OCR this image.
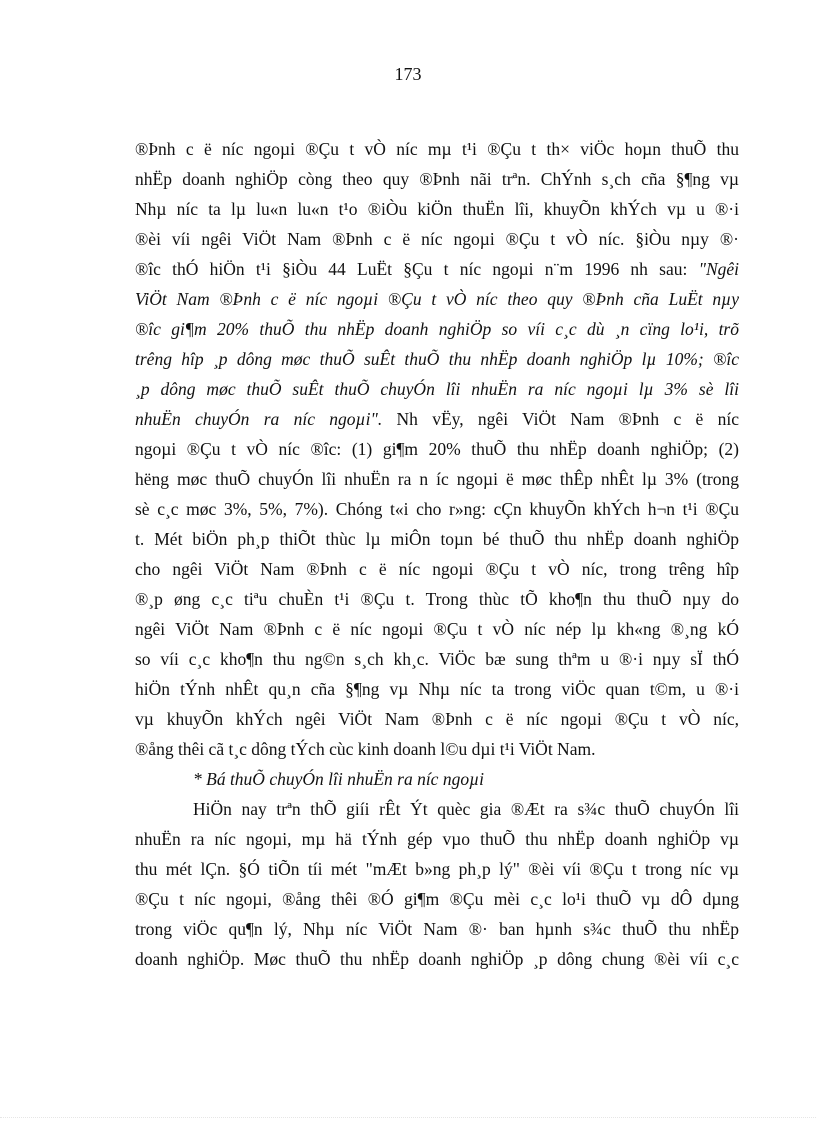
173
®Þnh c ë níc ngoµi ®Çu t vÒ níc mµ t¹i ®Çu t th× viÖc hoµn thuÕ thu
nhËp doanh nghiÖp còng theo quy ®Þnh nãi trªn. ChÝnh s¸ch cña §¶ng vµ
Nhµ níc ta lµ lu«n lu«n t¹o ®iÒu kiÖn thuËn lîi, khuyÕn khÝch vµ u ®·i
®èi víi ngêi ViÖt Nam ®Þnh c ë níc ngoµi ®Çu t vÒ níc. §iÒu nµy ®·
®îc thÓ hiÖn t¹i §iÒu 44 LuËt §Çu t níc ngoµi n¨m 1996 nh sau: "Ngêi
ViÖt Nam ®Þnh c ë níc ngoµi ®Çu t vÒ níc theo quy ®Þnh cña LuËt nµy
®îc gi¶m 20% thuÕ thu nhËp doanh nghiÖp so víi c¸c dù ¸n cïng lo¹i, trõ
trêng hîp ¸p dông møc thuÕ suÊt thuÕ thu nhËp doanh nghiÖp lµ 10%; ®îc
¸p dông møc thuÕ suÊt thuÕ chuyÓn lîi nhuËn ra níc ngoµi lµ 3% sè lîi
nhuËn chuyÓn ra níc ngoµi". Nh vËy, ngêi ViÖt Nam ®Þnh c ë níc
ngoµi ®Çu t vÒ níc ®îc: (1) gi¶m 20% thuÕ thu nhËp doanh nghiÖp; (2)
hëng møc thuÕ chuyÓn lîi nhuËn ra n íc ngoµi ë møc thÊp nhÊt lµ 3% (trong
sè c¸c møc 3%, 5%, 7%). Chóng t«i cho r»ng: cÇn khuyÕn khÝch h¬n t¹i ®Çu
t. Mét biÖn ph¸p thiÕt thùc lµ miÔn toµn bé thuÕ thu nhËp doanh nghiÖp
cho ngêi ViÖt Nam ®Þnh c ë níc ngoµi ®Çu t vÒ níc, trong trêng hîp
®¸p øng c¸c tiªu chuÈn t¹i ®Çu t. Trong thùc tÕ kho¶n thu thuÕ nµy do
ngêi ViÖt Nam ®Þnh c ë níc ngoµi ®Çu t vÒ níc nép lµ kh«ng ®¸ng kÓ
so víi c¸c kho¶n thu ng©n s¸ch kh¸c. ViÖc bæ sung thªm u ®·i nµy sÏ thÓ
hiÖn tÝnh nhÊt qu¸n cña §¶ng vµ Nhµ níc ta trong viÖc quan t©m, u ®·i
vµ khuyÕn khÝch ngêi ViÖt Nam ®Þnh c ë níc ngoµi ®Çu t vÒ níc,
®ång thêi cã t¸c dông tÝch cùc kinh doanh l©u dµi t¹i ViÖt Nam.
* Bá thuÕ chuyÓn lîi nhuËn ra níc ngoµi
HiÖn nay trªn thÕ giíi rÊt Ýt quèc gia ®Æt ra s¾c thuÕ chuyÓn lîi
nhuËn ra níc ngoµi, mµ hä tÝnh gép vµo thuÕ thu nhËp doanh nghiÖp vµ
thu mét lÇn. §Ó tiÕn tíi mét "mÆt b»ng ph¸p lý" ®èi víi ®Çu t trong níc vµ
®Çu t níc ngoµi, ®ång thêi ®Ó gi¶m ®Çu mèi c¸c lo¹i thuÕ vµ dÔ dµng
trong viÖc qu¶n lý, Nhµ níc ViÖt Nam ®· ban hµnh s¾c thuÕ thu nhËp
doanh nghiÖp. Møc thuÕ thu nhËp doanh nghiÖp ¸p dông chung ®èi víi c¸c
